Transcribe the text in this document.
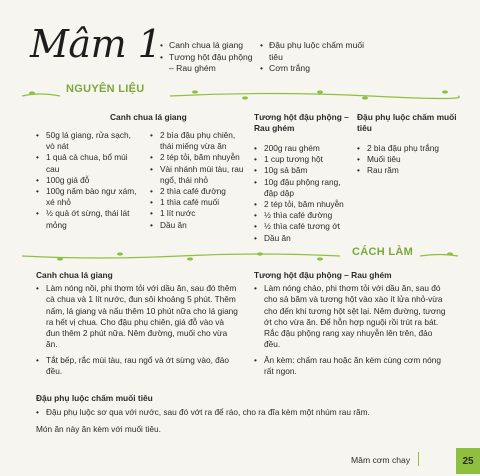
Mâm 1
• Canh chua lá giang
• Tương hột đậu phộng – Rau ghém
• Đậu phụ luộc chấm muối tiêu
• Cơm trắng
NGUYÊN LIỆU
Canh chua lá giang
• 50g lá giang, rửa sạch, vò nát
• 1 quả cà chua, bổ múi cau
• 100g giá đỗ
• 100g nấm bào ngư xám, xé nhỏ
• ½ quả ớt sừng, thái lát mỏng
• 2 bìa đậu phụ chiên, thái miếng vừa ăn
• 2 tép tỏi, băm nhuyễn
• Vài nhánh mùi tàu, rau ngổ, thái nhỏ
• 2 thìa café đường
• 1 thìa café muối
• 1 lít nước
• Dầu ăn
Tương hột đậu phộng – Rau ghém
• 200g rau ghém
• 1 cup tương hột
• 10g sả băm
• 10g đậu phộng rang, đập dập
• 2 tép tỏi, băm nhuyễn
• ½ thìa café đường
• ½ thìa café tương ớt
• Dầu ăn
Đậu phụ luộc chấm muối tiêu
• 2 bìa đậu phụ trắng
• Muối tiêu
• Rau răm
CÁCH LÀM
Canh chua lá giang

• Làm nóng nồi, phi thơm tỏi với dầu ăn, sau đó thêm cà chua và 1 lít nước, đun sôi khoảng 5 phút. Thêm nấm, lá giang và nấu thêm 10 phút nữa cho lá giang ra hết vị chua. Cho đậu phụ chiên, giá đỗ vào và đun thêm 2 phút nữa. Nêm đường, muối cho vừa ăn.

• Tắt bếp, rắc mùi tàu, rau ngổ và ớt sừng vào, đảo đều.

Tương hột đậu phộng – Rau ghém

• Làm nóng chảo, phi thơm tỏi với dầu ăn, sau đó cho sả băm và tương hột vào xào ít lửa nhỏ-vừa cho đến khi tương hột sệt lại. Nêm đường, tương ớt cho vừa ăn. Để hỗn hợp nguội rồi trút ra bát. Rắc đậu phộng rang xay nhuyễn lên trên, đảo đều.

• Ăn kèm: chấm rau hoặc ăn kèm cùng cơm nóng rất ngon.

Đậu phụ luộc chấm muối tiêu

• Đậu phụ luộc sơ qua với nước, sau đó vớt ra để ráo, cho ra đĩa kèm một nhúm rau răm.

Món ăn này ăn kèm với muối tiêu.

Mâm cơm chay	25
